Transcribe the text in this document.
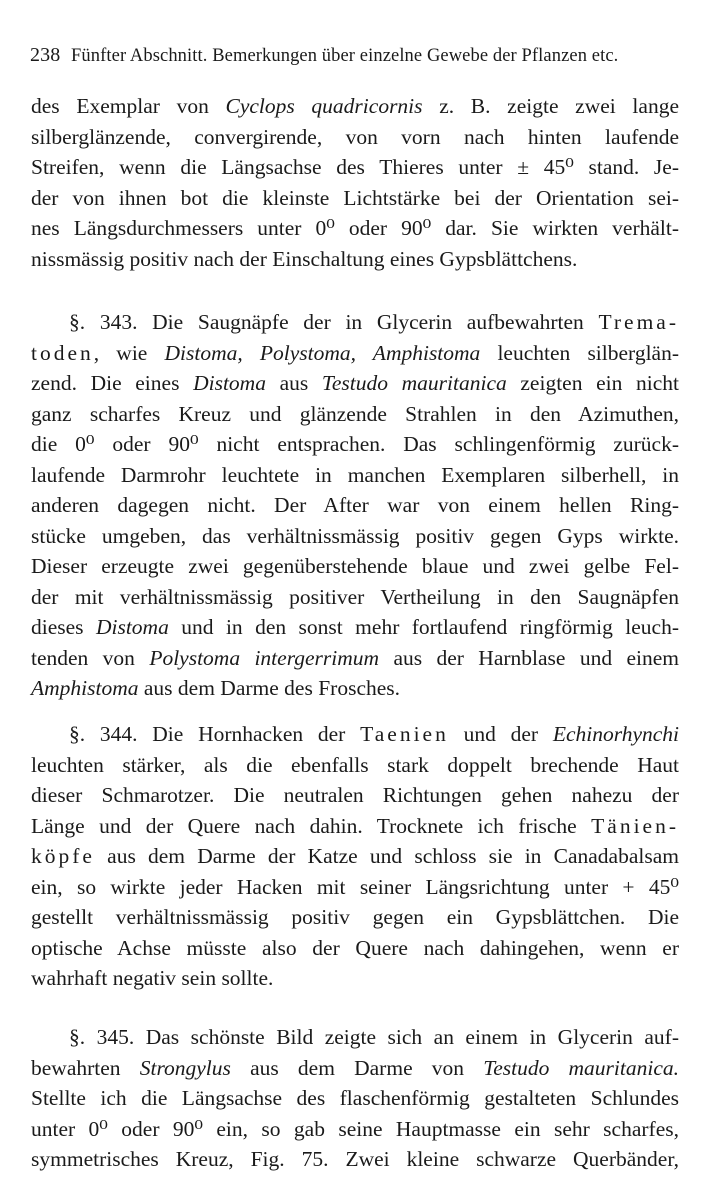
238 Fünfter Abschnitt. Bemerkungen über einzelne Gewebe der Pflanzen etc.
des Exemplar von Cyclops quadricornis z. B. zeigte zwei lange
silberglänzende, convergirende, von vorn nach hinten laufende
Streifen, wenn die Längsachse des Thieres unter ± 45⁰ stand. Je-
der von ihnen bot die kleinste Lichtstärke bei der Orientation sei-
nes Längsdurchmessers unter 0⁰ oder 90⁰ dar. Sie wirkten verhält-
nissmässig positiv nach der Einschaltung eines Gypsblättchens.
§. 343. Die Saugnäpfe der in Glycerin aufbewahrten Trema-
toden, wie Distoma, Polystoma, Amphistoma leuchten silberglän-
zend. Die eines Distoma aus Testudo mauritanica zeigten ein nicht
ganz scharfes Kreuz und glänzende Strahlen in den Azimuthen,
die 0⁰ oder 90⁰ nicht entsprachen. Das schlingenförmig zurück-
laufende Darmrohr leuchtete in manchen Exemplaren silberhell, in
anderen dagegen nicht. Der After war von einem hellen Ring-
stücke umgeben, das verhältnissmässig positiv gegen Gyps wirkte.
Dieser erzeugte zwei gegenüberstehende blaue und zwei gelbe Fel-
der mit verhältnissmässig positiver Vertheilung in den Saugnäpfen
dieses Distoma und in den sonst mehr fortlaufend ringförmig leuch-
tenden von Polystoma intergerrimum aus der Harnblase und einem
Amphistoma aus dem Darme des Frosches.
§. 344. Die Hornhacken der Taenien und der Echinorhynchi
leuchten stärker, als die ebenfalls stark doppelt brechende Haut
dieser Schmarotzer. Die neutralen Richtungen gehen nahezu der
Länge und der Quere nach dahin. Trocknete ich frische Tänien-
köpfe aus dem Darme der Katze und schloss sie in Canadabalsam
ein, so wirkte jeder Hacken mit seiner Längsrichtung unter + 45⁰
gestellt verhältnissmässig positiv gegen ein Gypsblättchen. Die
optische Achse müsste also der Quere nach dahingehen, wenn er
wahrhaft negativ sein sollte.
§. 345. Das schönste Bild zeigte sich an einem in Glycerin auf-
bewahrten Strongylus aus dem Darme von Testudo mauritanica.
Stellte ich die Längsachse des flaschenförmig gestalteten Schlundes
unter 0⁰ oder 90⁰ ein, so gab seine Hauptmasse ein sehr scharfes,
symmetrisches Kreuz, Fig. 75. Zwei kleine schwarze Querbänder,
